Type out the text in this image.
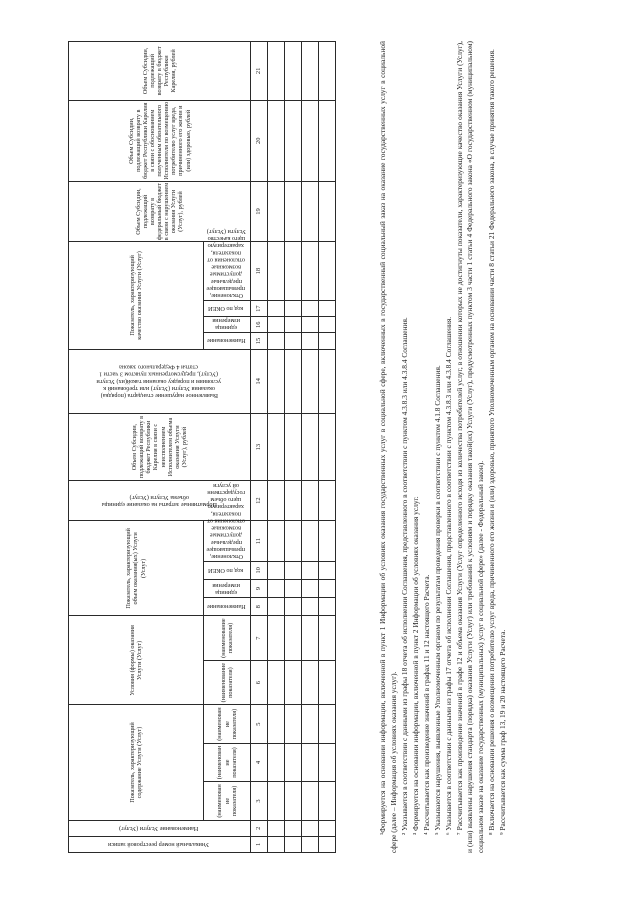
Уникальный номер реестровой записи	Наименование Услуги (Услуг)	Показатель, характеризующий содержание Услуги (Услуг)			Условия (формы) оказания Услуги (Услуг)		Показатель, характеризующий объем оказания(ых) Услуги (Услуг)				Нормативные затраты на оказание единицы объема Услуги (Услуг)	Объем Субсидии, подлежащий возврату в бюджет Республики Карелия в связи с неисполнением Исполнителем объема оказания Услуги (Услуг), рублей	Выявленное нарушение стандарта (порядка) оказания Услуги (Услуг) или требований к условиям и порядку оказания такой(их) Услуги (Услуг), предусмотренных пунктом 3 части 1 статьи 4 Федерального закона	Показатель, характеризующий качество оказания Услуги (Услуг)				Объем Субсидии, подлежащий возврату в федеральный бюджет в связи с нарушением оказания Услуги (Услуг), рублей	Объем Субсидии, подлежащий возврату в бюджет Республики Карелия в связи с обоснованием полученным обязательного Исполнителя по возмещению потребителю услуг вреда, причиненного его жизни и (или) здоровью, рублей	Объем Субсидии, подлежащий возврату в бюджет Республики Карелия, рублей
		(наименование показателя)	(наименование показателя)	(наименование показателя)	(наименование показателя)	(наименование показателя)	Наименование	единица измерения	код по ОКЕИ	Отклонение, превышающее предельные допустимые возможные отклонения от показателя, характеризующего объем государственной услуги				Наименование	единица измерения	код по ОКЕИ	Отклонение, превышающее предельные допустимые возможные отклонения от показателя, характеризующего качество Услуги (Услуг)			
1	2	3	4	5	6	7	8	9	10	11	12	13	14	15	16	17	18	19	20	21

																					¹Формируется на основании информации, включенной в пункт 1 Информации об условиях оказания государственных услуг в социальной сфере, включенных в государственный социальный заказ на оказание государственных услуг в социальной сфере (далее – Информация об условиях оказания услуг). ² Указывается в соответствии с данными из графы 18 отчета об исполнении Соглашения, представленного в соответствии с пунктом 4.3.8.3 или 4.3.8.4 Соглашения. ³ Формируется на основании информации, включенной в пункт 2 Информации об условиях оказания услуг. ⁴ Рассчитывается как произведение значений в графах 11 и 12 настоящего Расчета. ⁵ Указываются нарушения, выявленные Уполномоченным органом по результатам проведения проверки в соответствии с пунктом 4.1.8 Соглашения. ⁶ Указывается в соответствии с данными из графы 17 отчета об исполнении Соглашения, представленного в соответствии с пунктом 4.3.8.3 или 4.3.8.4 Соглашения. ⁷ Рассчитывается как произведение значений в графе 12 и объема оказания Услуги (Услуг определенного исходя из количества потребителей услуг, в отношении которых не достигнуты показатели, характеризующие качество оказания Услуги (Услуг), и (или) выявлены нарушения стандарта (порядка) оказания Услуги (Услуг) или требований к условиям и порядку оказания такой(их) Услуги (Услуг), предусмотренных пунктом 3 части 1 статьи 4 Федерального закона «О государственном (муниципальном) социальном заказе на оказание государственных (муниципальных) услуг в социальной сфере» (далее - Федеральный закон). ⁸ Включается на основании решения о возмещении потребителю услуг вреда, причиненного его жизни и (или) здоровью, принятого Уполномоченным органом на основании части 8 статьи 21 Федерального закона, в случае принятия такого решения. ⁹ Рассчитывается как сумма граф 13, 19 и 20 настоящего Расчета.
